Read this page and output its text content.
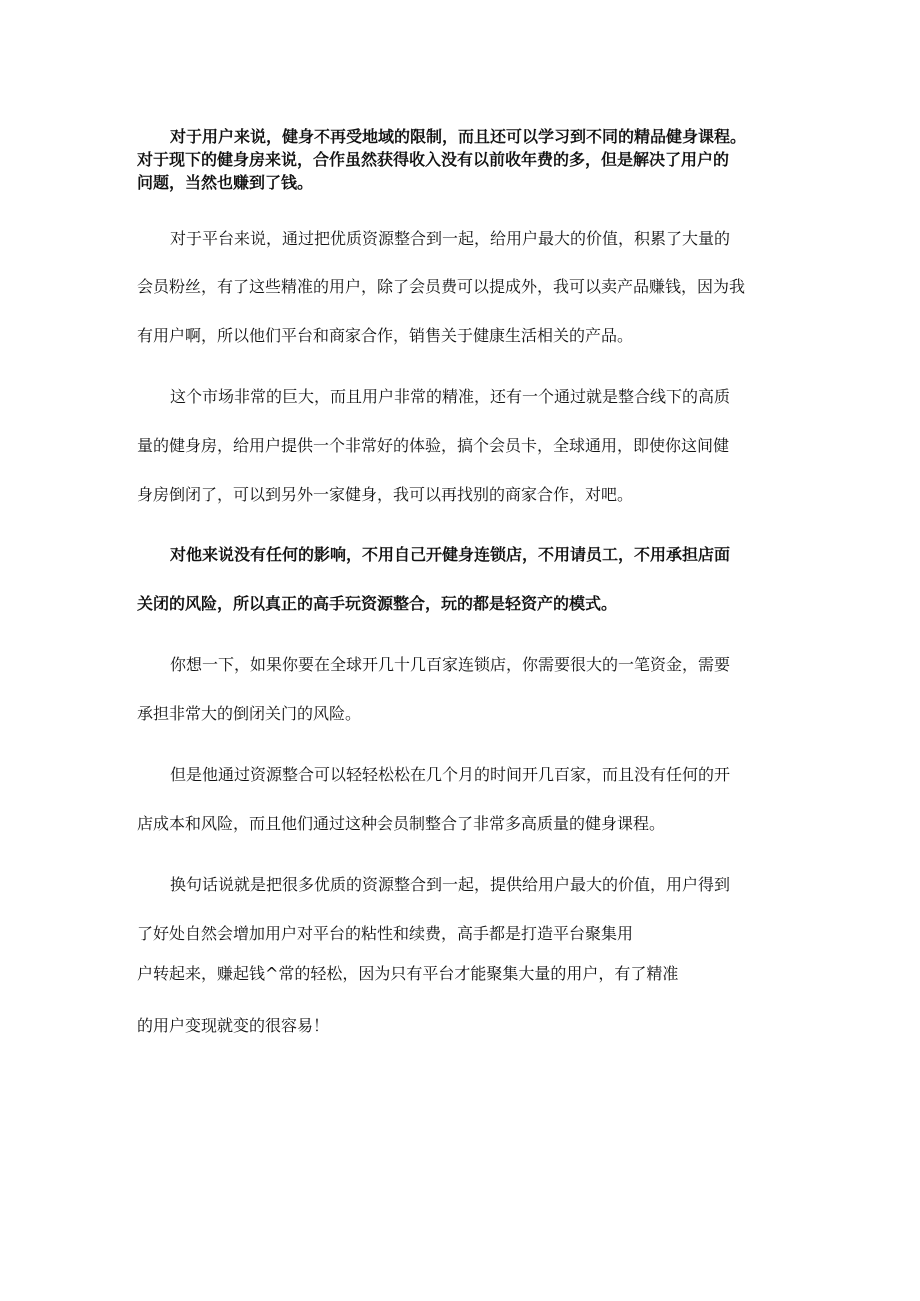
对于用户来说，健身不再受地域的限制，而且还可以学习到不同的精品健身课程。
对于现下的健身房来说，合作虽然获得收入没有以前收年费的多，但是解决了用户的
问题，当然也赚到了钱。
对于平台来说，通过把优质资源整合到一起，给用户最大的价值，积累了大量的
会员粉丝，有了这些精准的用户，除了会员费可以提成外，我可以卖产品赚钱，因为我
有用户啊，所以他们平台和商家合作，销售关于健康生活相关的产品。
这个市场非常的巨大，而且用户非常的精准，还有一个通过就是整合线下的高质
量的健身房，给用户提供一个非常好的体验，搞个会员卡，全球通用，即使你这间健
身房倒闭了，可以到另外一家健身，我可以再找别的商家合作，对吧。
对他来说没有任何的影响，不用自己开健身连锁店，不用请员工，不用承担店面
关闭的风险，所以真正的高手玩资源整合，玩的都是轻资产的模式。
你想一下，如果你要在全球开几十几百家连锁店，你需要很大的一笔资金，需要
承担非常大的倒闭关门的风险。
但是他通过资源整合可以轻轻松松在几个月的时间开几百家，而且没有任何的开
店成本和风险，而且他们通过这种会员制整合了非常多高质量的健身课程。
换句话说就是把很多优质的资源整合到一起，提供给用户最大的价值，用户得到
了好处自然会增加用户对平台的粘性和续费，高手都是打造平台聚集用
户转起来，赚起钱^常的轻松，因为只有平台才能聚集大量的用户，有了精准
的用户变现就变的很容易！
